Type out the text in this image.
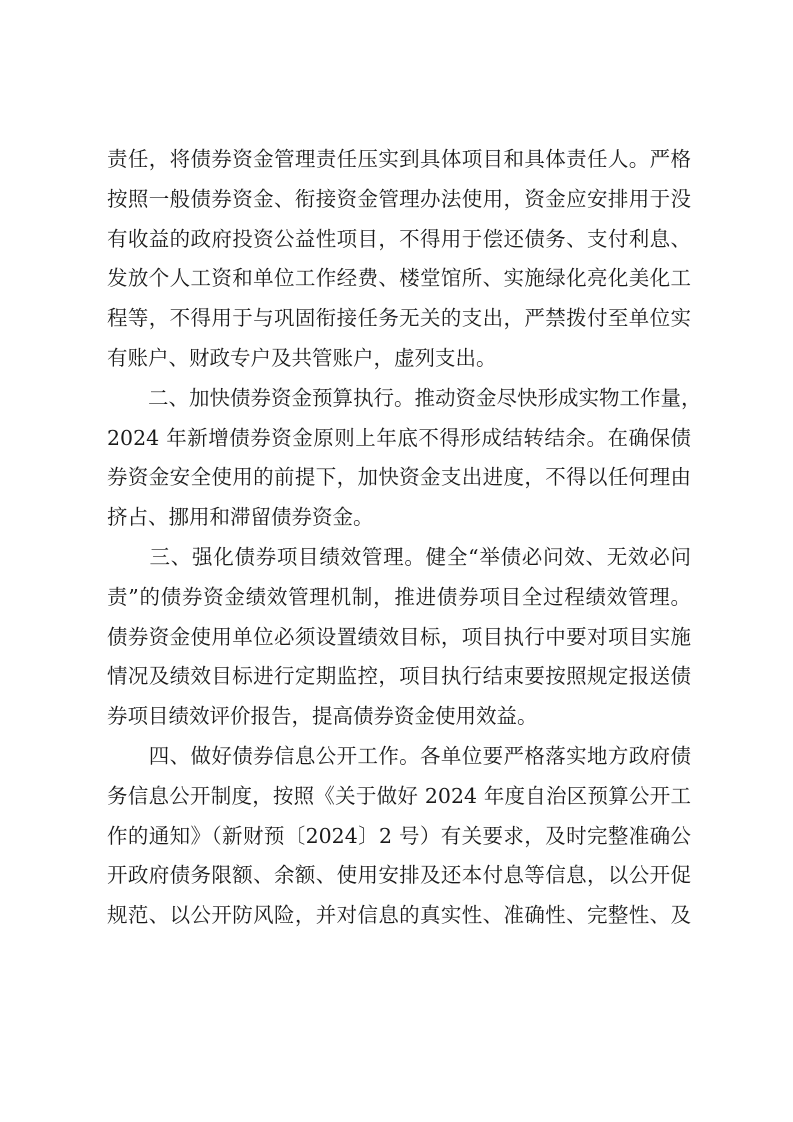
责任，将债券资金管理责任压实到具体项目和具体责任人。严格
按照一般债券资金、衔接资金管理办法使用，资金应安排用于没
有收益的政府投资公益性项目，不得用于偿还债务、支付利息、
发放个人工资和单位工作经费、楼堂馆所、实施绿化亮化美化工
程等，不得用于与巩固衔接任务无关的支出，严禁拨付至单位实
有账户、财政专户及共管账户，虚列支出。
　　二、加快债券资金预算执行。推动资金尽快形成实物工作量，
2024 年新增债券资金原则上年底不得形成结转结余。在确保债
券资金安全使用的前提下，加快资金支出进度，不得以任何理由
挤占、挪用和滞留债券资金。
　　三、强化债券项目绩效管理。健全“举债必问效、无效必问
责”的债券资金绩效管理机制，推进债券项目全过程绩效管理。
债券资金使用单位必须设置绩效目标，项目执行中要对项目实施
情况及绩效目标进行定期监控，项目执行结束要按照规定报送债
券项目绩效评价报告，提高债券资金使用效益。
　　四、做好债券信息公开工作。各单位要严格落实地方政府债
务信息公开制度，按照《关于做好 2024 年度自治区预算公开工
作的通知》（新财预〔2024〕2 号）有关要求，及时完整准确公
开政府债务限额、余额、使用安排及还本付息等信息，以公开促
规范、以公开防风险，并对信息的真实性、准确性、完整性、及
